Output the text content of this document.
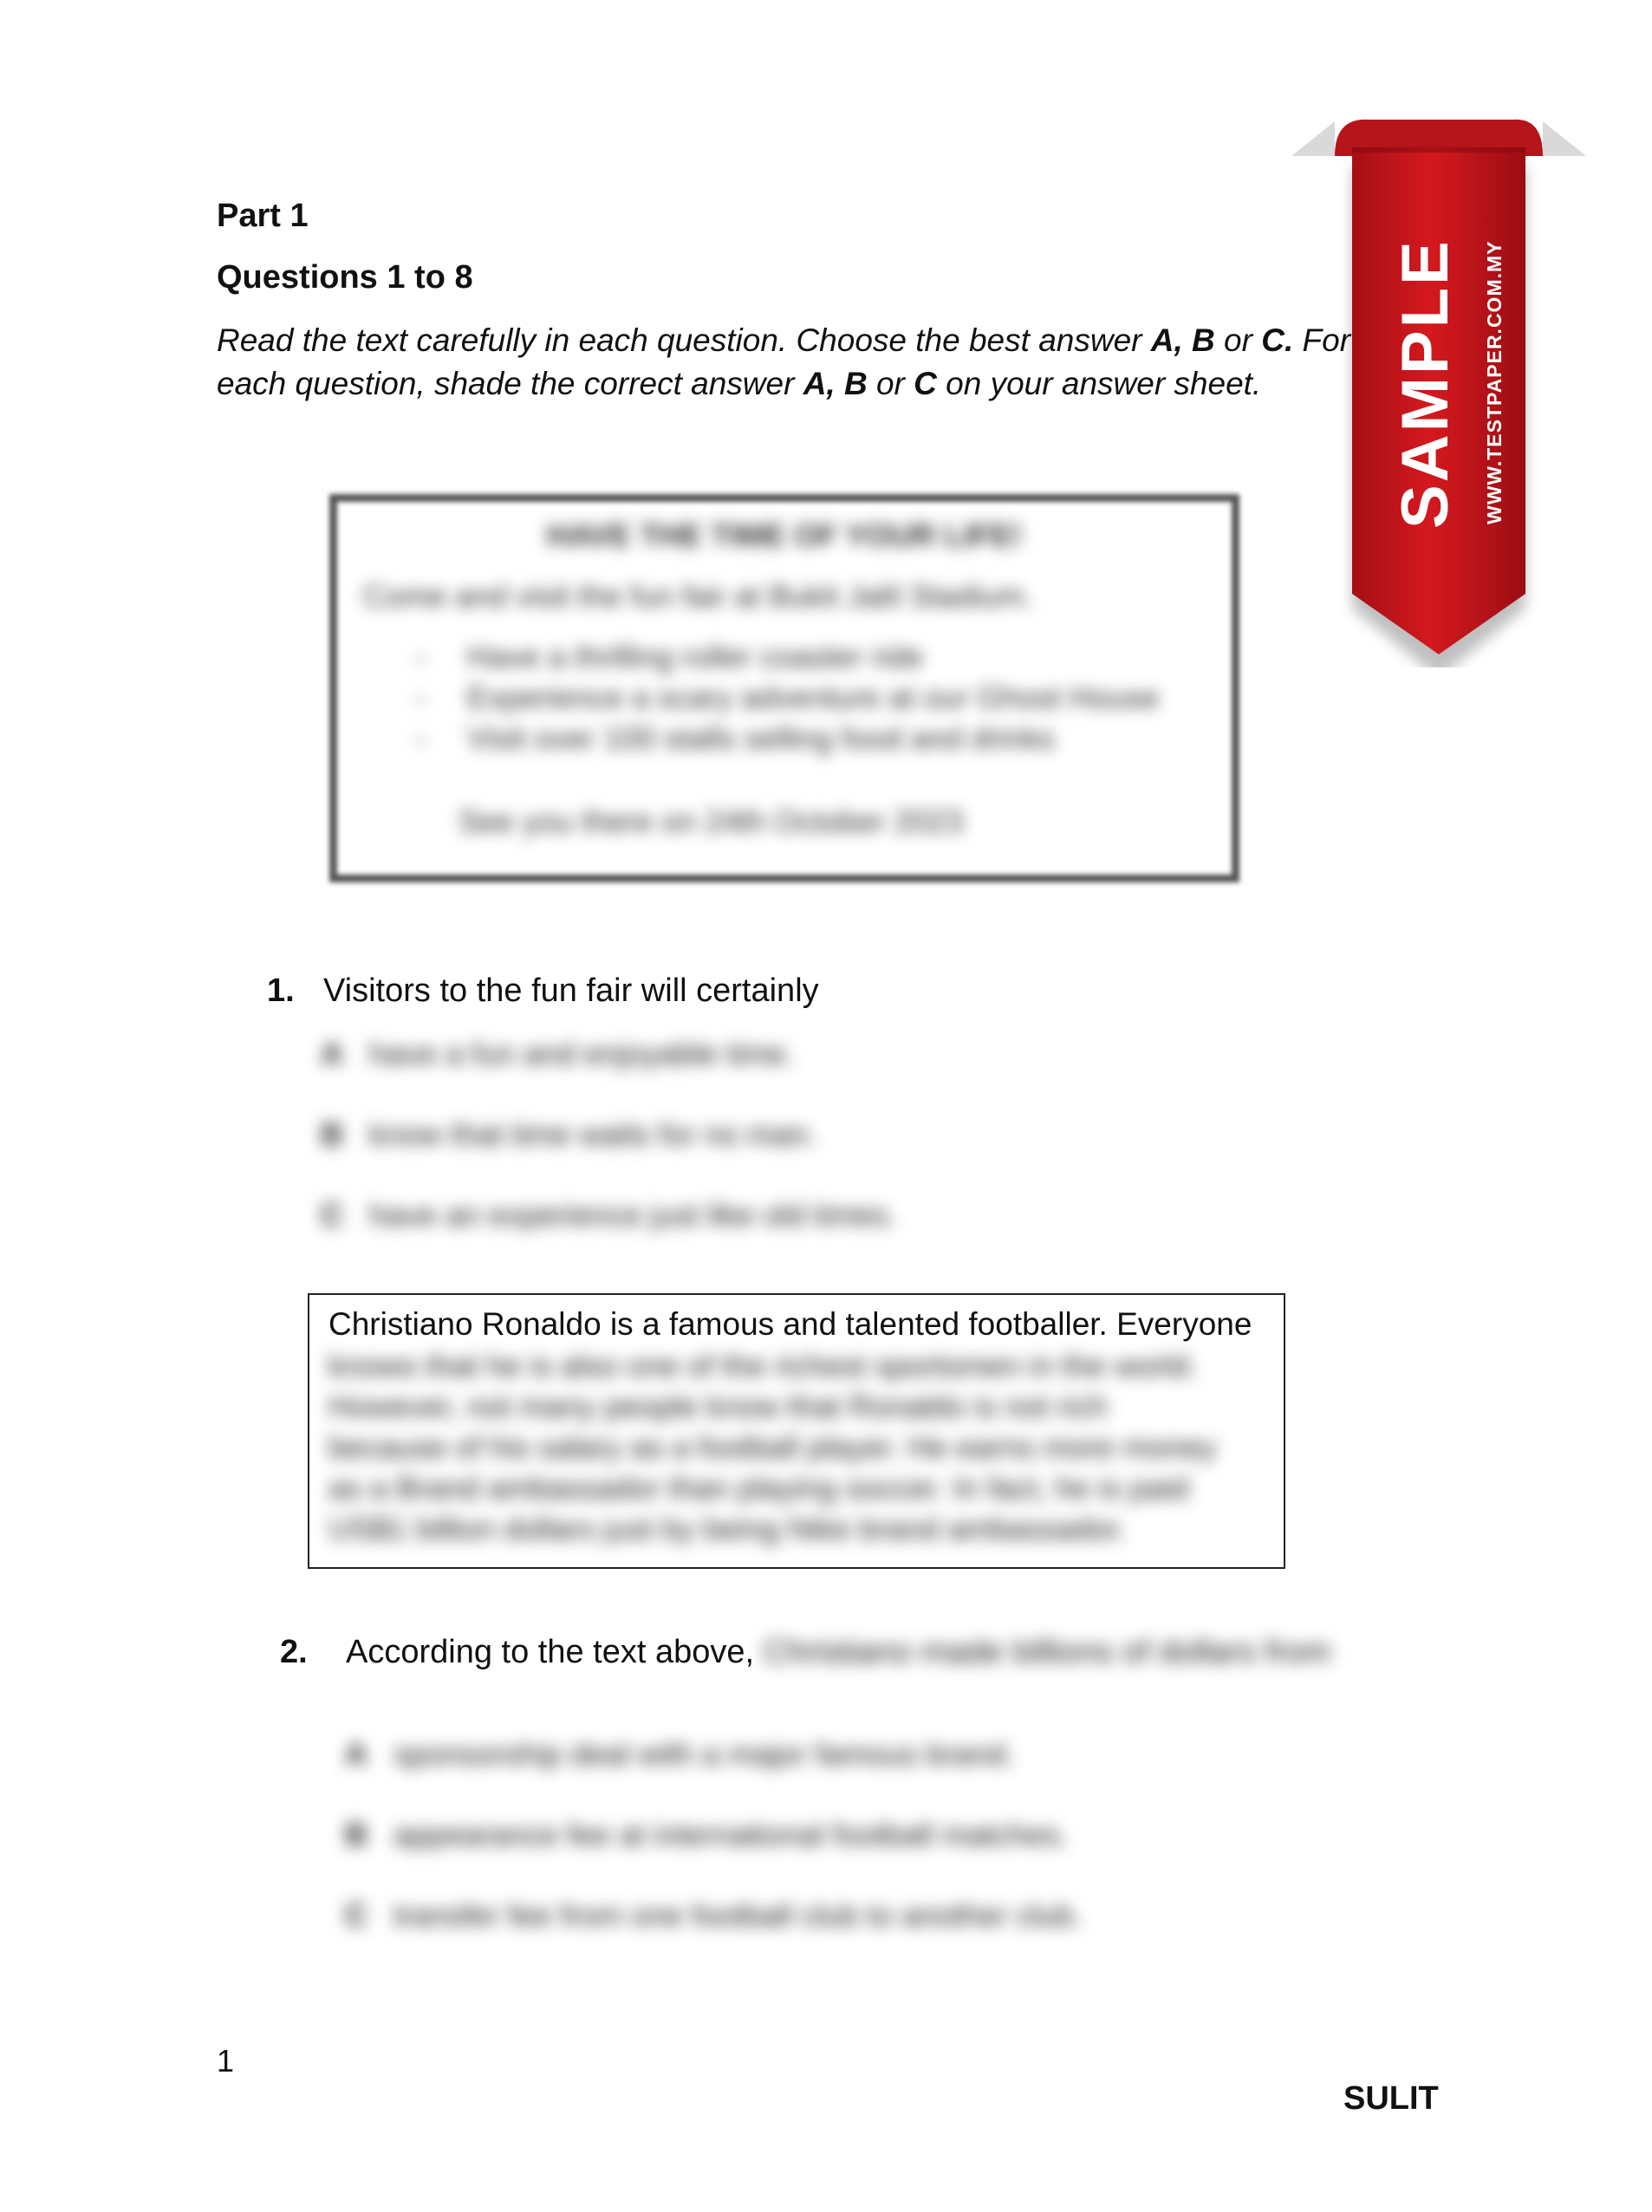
Part 1
Questions 1 to 8
Read the text carefully in each question. Choose the best answer A, B or C. For
each question, shade the correct answer A, B or C on your answer sheet.
HAVE THE TIME OF YOUR LIFE!
Come and visit the fun fair at Bukit Jalil Stadium.
- Have a thrilling roller coaster ride
- Experience a scary adventure at our Ghost House
- Visit over 100 stalls selling food and drinks
See you there on 24th October 2023
1. Visitors to the fun fair will certainly
A have a fun and enjoyable time.
B know that time waits for no man.
C have an experience just like old times.
Christiano Ronaldo is a famous and talented footballer. Everyone
knows that he is also one of the richest sportsmen in the world.
However, not many people know that Ronaldo is not rich
because of his salary as a football player. He earns more money
as a Brand ambassador than playing soccer. In fact, he is paid
US$1 billion dollars just by being Nike brand ambassador.
2. According to the text above, Christiano made billions of dollars from
A sponsorship deal with a major famous brand.
B appearance fee at international football matches.
C transfer fee from one football club to another club.
1
SULIT
SAMPLE WWW.TESTPAPER.COM.MY
